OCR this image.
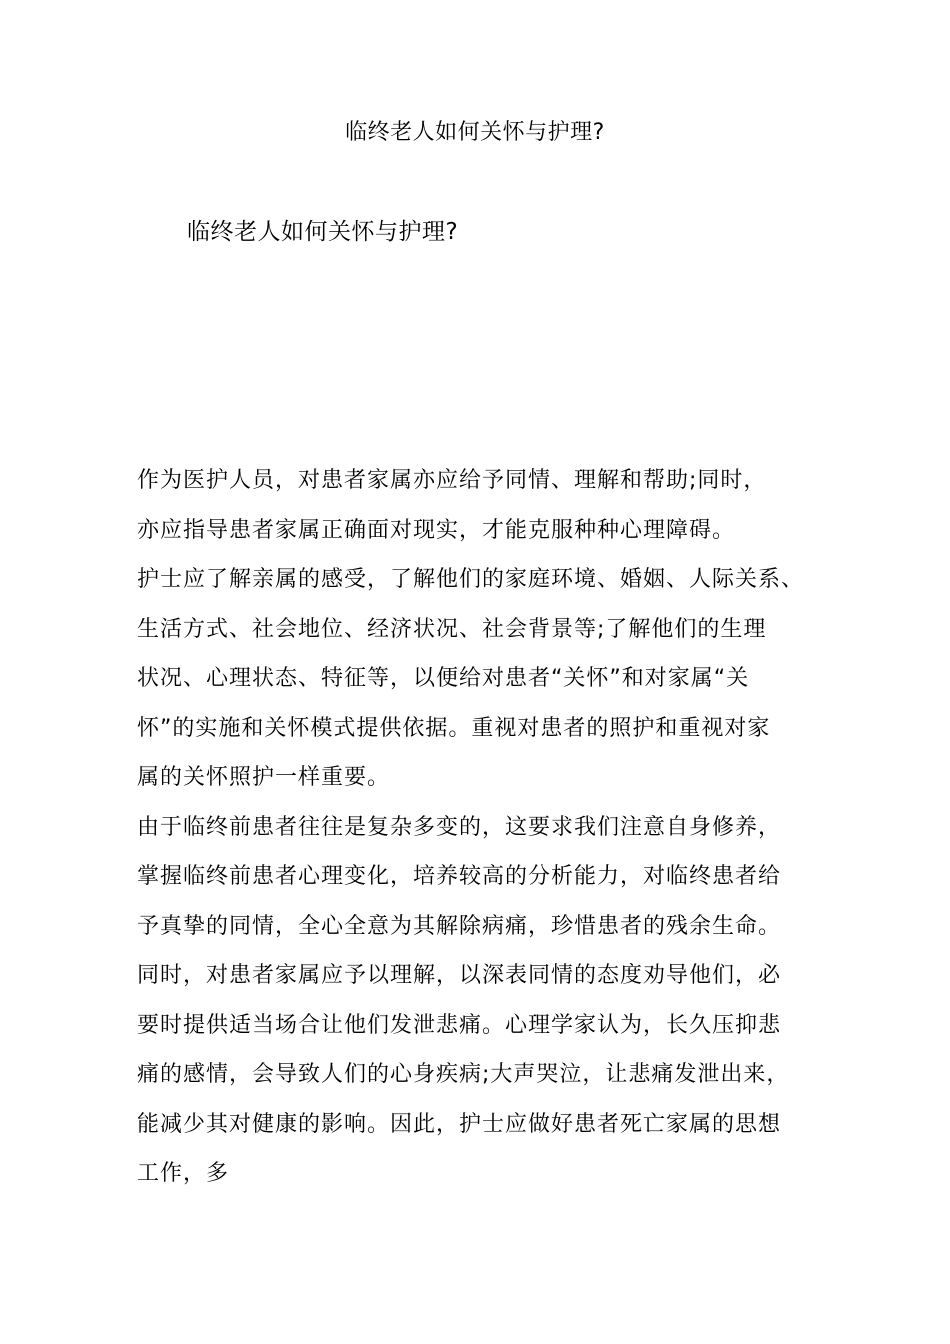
临终老人如何关怀与护理?
临终老人如何关怀与护理?
作为医护人员，对患者家属亦应给予同情、理解和帮助;同时，
亦应指导患者家属正确面对现实，才能克服种种心理障碍。
护士应了解亲属的感受，了解他们的家庭环境、婚姻、人际关系、
生活方式、社会地位、经济状况、社会背景等;了解他们的生理
状况、心理状态、特征等，以便给对患者“关怀”和对家属“关
怀”的实施和关怀模式提供依据。重视对患者的照护和重视对家
属的关怀照护一样重要。
由于临终前患者往往是复杂多变的，这要求我们注意自身修养，
掌握临终前患者心理变化，培养较高的分析能力，对临终患者给
予真挚的同情，全心全意为其解除病痛，珍惜患者的残余生命。
同时，对患者家属应予以理解，以深表同情的态度劝导他们，必
要时提供适当场合让他们发泄悲痛。心理学家认为，长久压抑悲
痛的感情，会导致人们的心身疾病;大声哭泣，让悲痛发泄出来，
能减少其对健康的影响。因此，护士应做好患者死亡家属的思想
工作，多
